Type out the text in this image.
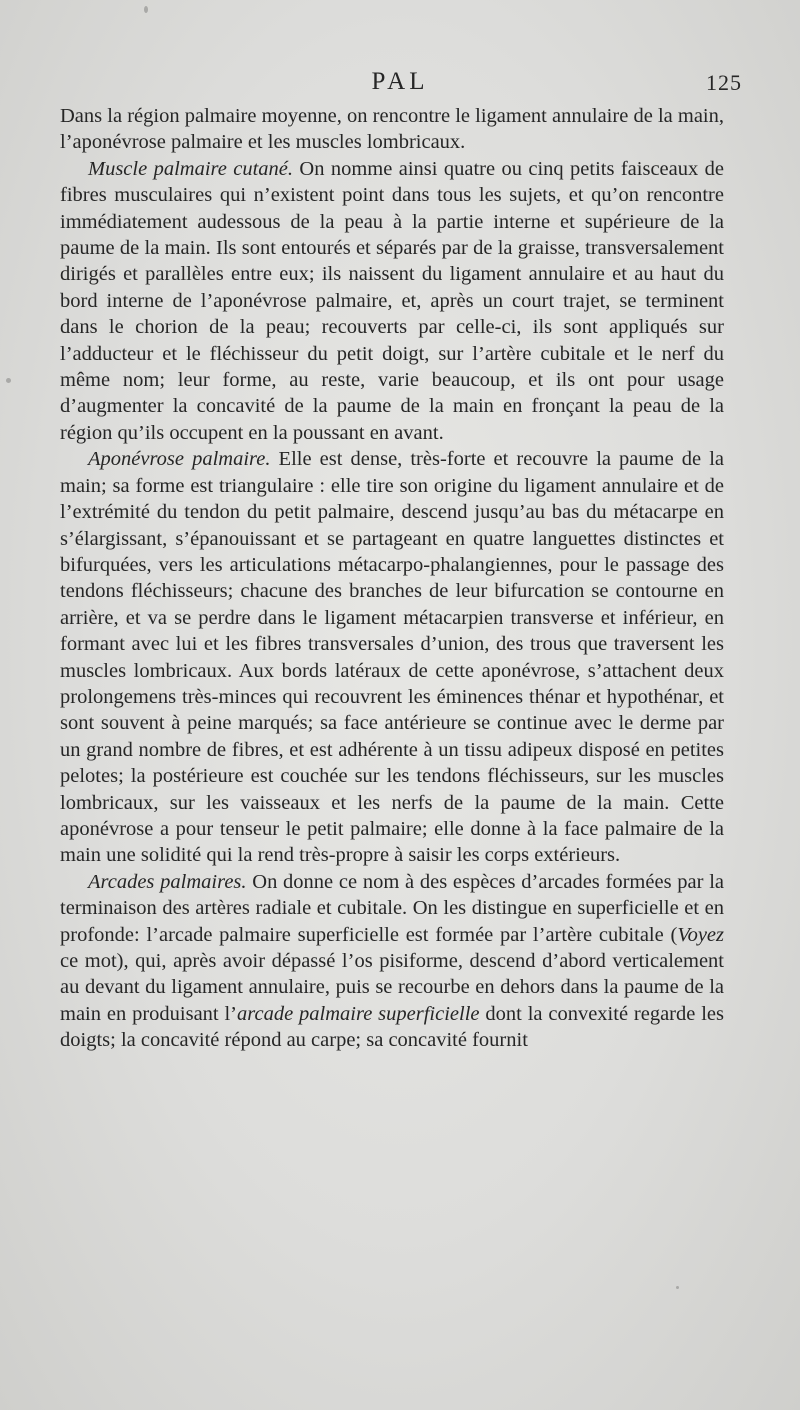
PAL	125

Dans la région palmaire moyenne, on rencontre le ligament annulaire de la main, l’aponévrose palmaire et les muscles lombricaux.

Muscle palmaire cutané. On nomme ainsi quatre ou cinq petits faisceaux de fibres musculaires qui n’existent point dans tous les sujets, et qu’on rencontre immédiatement audessous de la peau à la partie interne et supérieure de la paume de la main. Ils sont entourés et séparés par de la graisse, transversalement dirigés et parallèles entre eux; ils naissent du ligament annulaire et au haut du bord interne de l’aponévrose palmaire, et, après un court trajet, se terminent dans le chorion de la peau; recouverts par celle-ci, ils sont appliqués sur l’adducteur et le fléchisseur du petit doigt, sur l’artère cubitale et le nerf du même nom; leur forme, au reste, varie beaucoup, et ils ont pour usage d’augmenter la concavité de la paume de la main en fronçant la peau de la région qu’ils occupent en la poussant en avant.

Aponévrose palmaire. Elle est dense, très-forte et recouvre la paume de la main; sa forme est triangulaire : elle tire son origine du ligament annulaire et de l’extrémité du tendon du petit palmaire, descend jusqu’au bas du métacarpe en s’élargissant, s’épanouissant et se partageant en quatre languettes distinctes et bifurquées, vers les articulations métacarpo-phalangiennes, pour le passage des tendons fléchisseurs; chacune des branches de leur bifurcation se contourne en arrière, et va se perdre dans le ligament métacarpien transverse et inférieur, en formant avec lui et les fibres transversales d’union, des trous que traversent les muscles lombricaux. Aux bords latéraux de cette aponévrose, s’attachent deux prolongemens très-minces qui recouvrent les éminences thénar et hypothénar, et sont souvent à peine marqués; sa face antérieure se continue avec le derme par un grand nombre de fibres, et est adhérente à un tissu adipeux disposé en petites pelotes; la postérieure est couchée sur les tendons fléchisseurs, sur les muscles lombricaux, sur les vaisseaux et les nerfs de la paume de la main. Cette aponévrose a pour tenseur le petit palmaire; elle donne à la face palmaire de la main une solidité qui la rend très-propre à saisir les corps extérieurs.

Arcades palmaires. On donne ce nom à des espèces d’arcades formées par la terminaison des artères radiale et cubitale. On les distingue en superficielle et en profonde: l’arcade palmaire superficielle est formée par l’artère cubitale (Voyez ce mot), qui, après avoir dépassé l’os pisiforme, descend d’abord verticalement au devant du ligament annulaire, puis se recourbe en dehors dans la paume de la main en produisant l’arcade palmaire superficielle dont la convexité regarde les doigts; la concavité répond au carpe; sa concavité fournit
